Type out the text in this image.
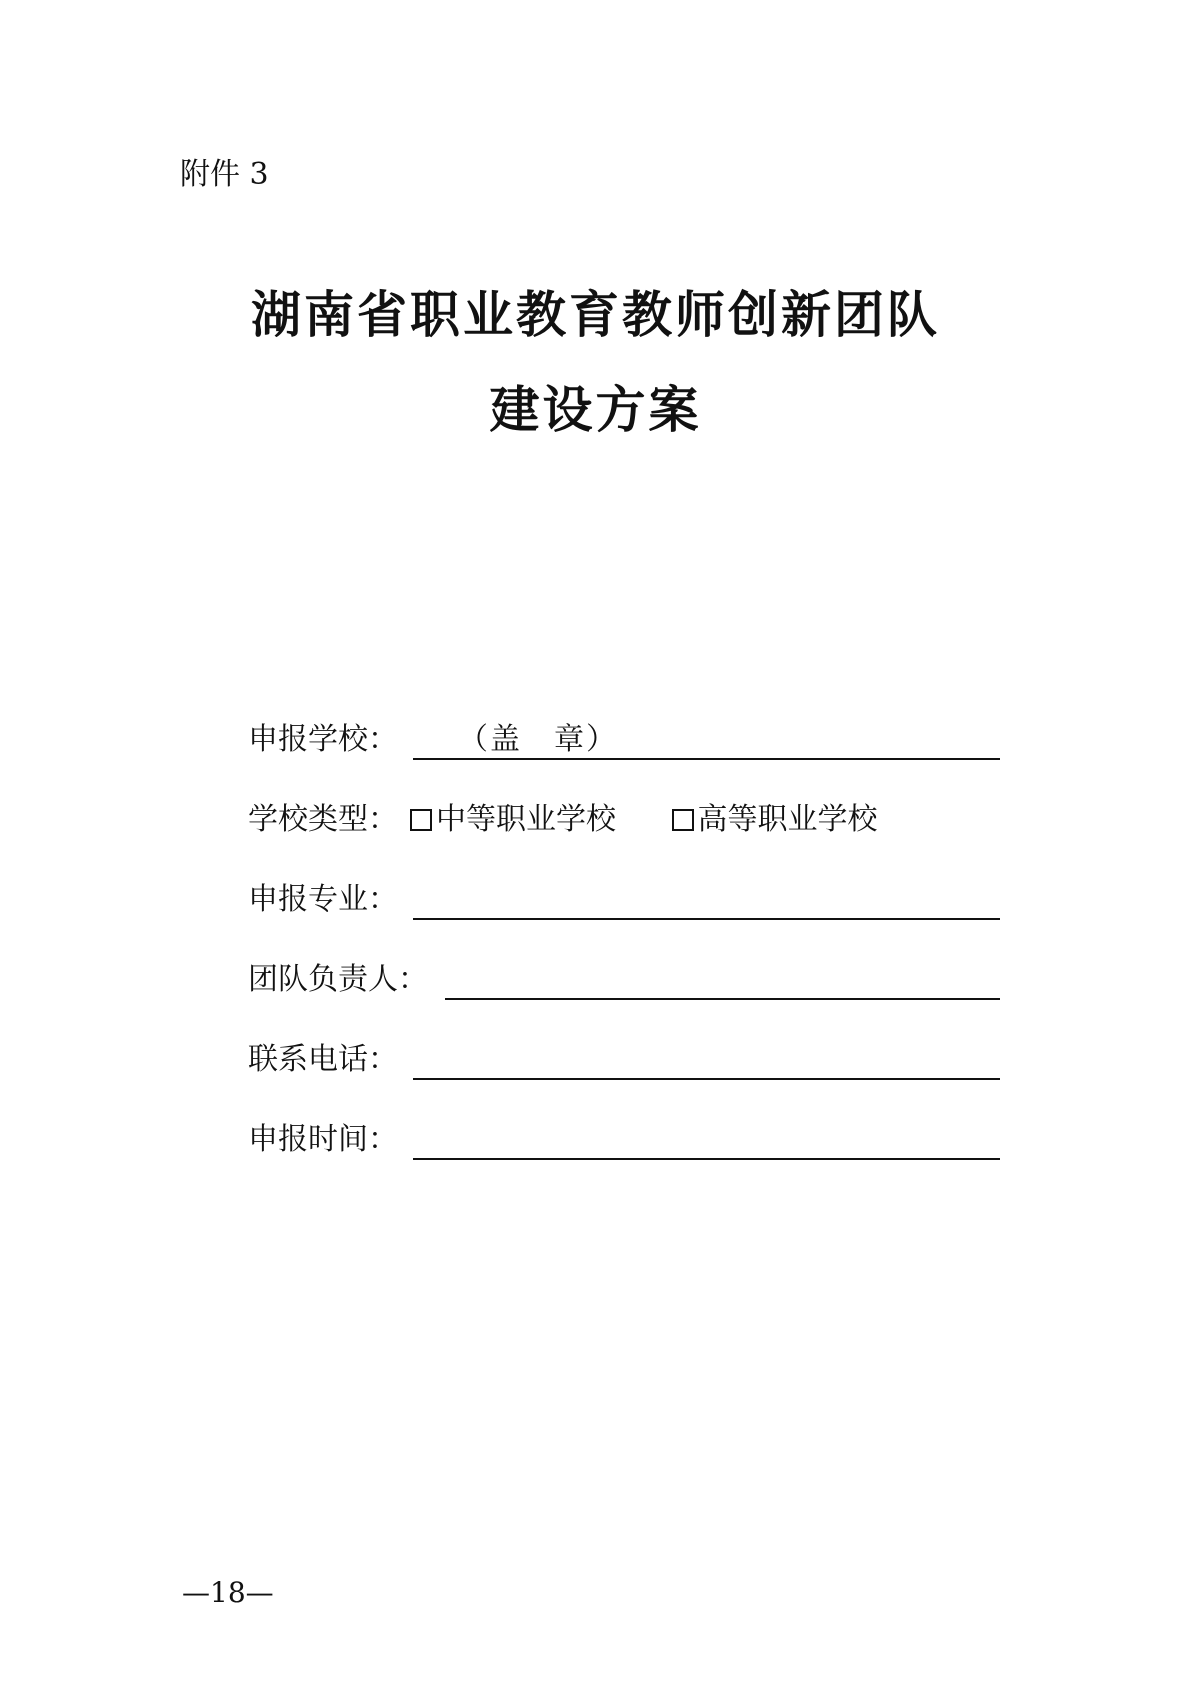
附件 3
湖南省职业教育教师创新团队
建设方案
申报学校： （盖　章）
学校类型：	中等职业学校	高等职业学校
申报专业：
团队负责人：
联系电话：
申报时间：
—18—
